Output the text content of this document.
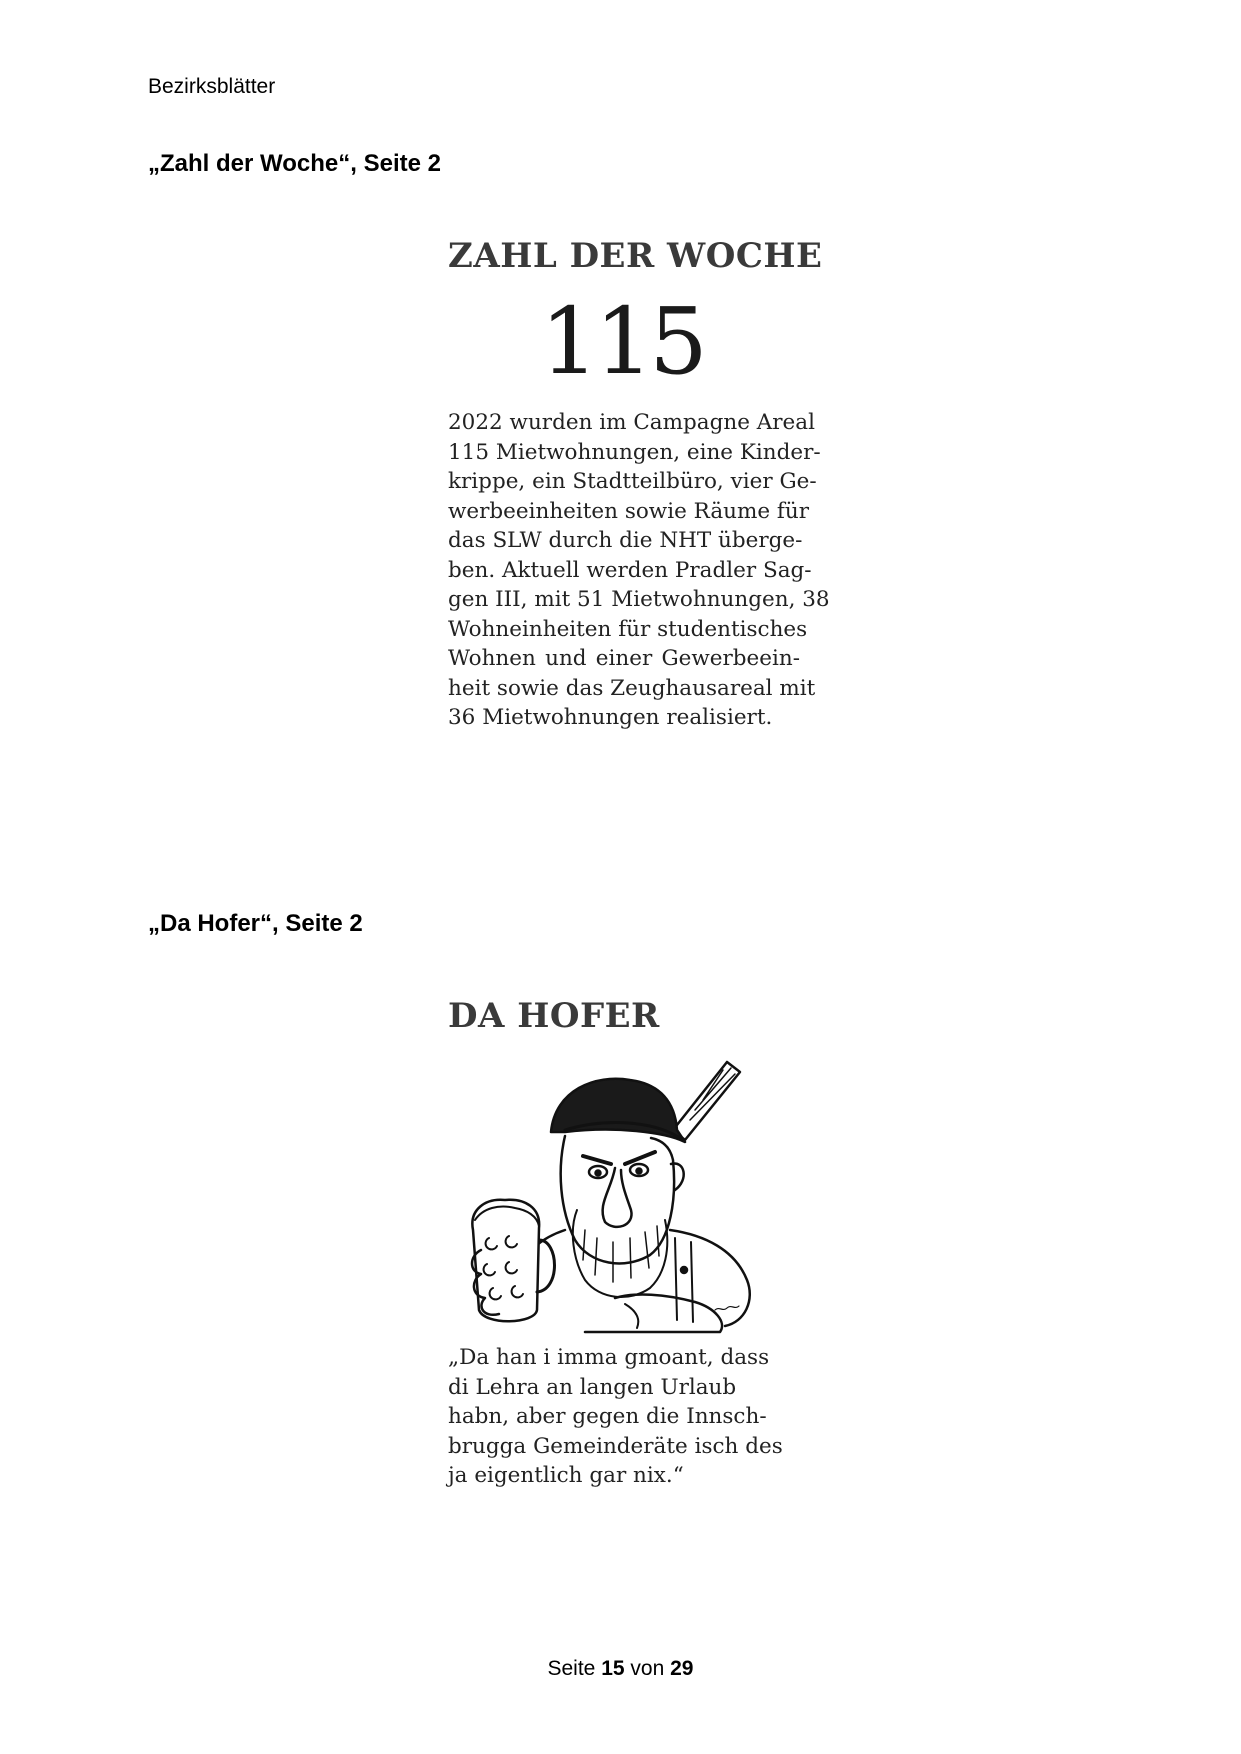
Bezirksblätter
„Zahl der Woche“, Seite 2
ZAHL DER WOCHE
115
2022 wurden im Campagne Areal
115 Mietwohnungen, eine Kinder-
krippe, ein Stadtteilbüro, vier Ge-
werbeeinheiten sowie Räume für
das SLW durch die NHT überge-
ben. Aktuell werden Pradler Sag-
gen III, mit 51 Mietwohnungen, 38
Wohneinheiten für studentisches
Wohnen und einer Gewerbeein-
heit sowie das Zeughausareal mit
36 Mietwohnungen realisiert.
„Da Hofer“, Seite 2
DA HOFER
„Da han i imma gmoant, dass
di Lehra an langen Urlaub
habn, aber gegen die Innsch-
brugga Gemeinderäte isch des
ja eigentlich gar nix.“
Seite 15 von 29
